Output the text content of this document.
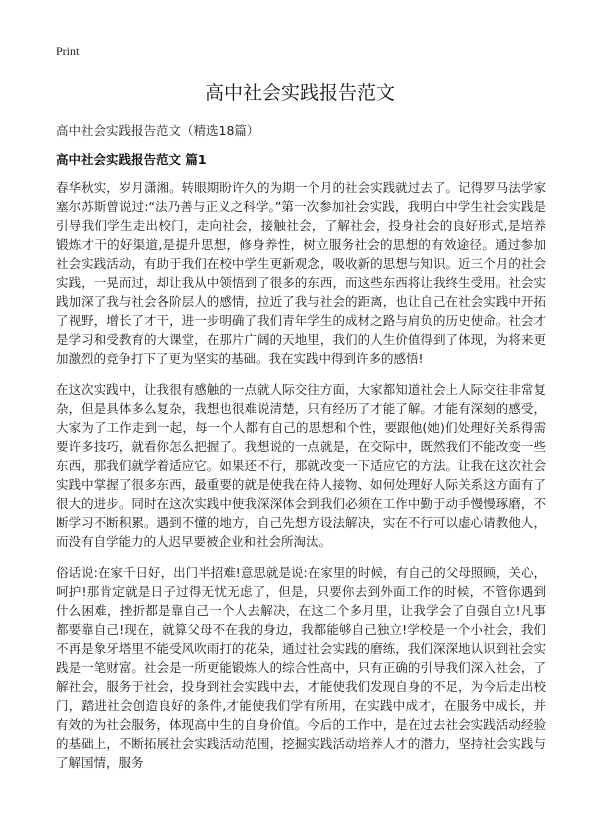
Print
高中社会实践报告范文
高中社会实践报告范文（精选18篇）
高中社会实践报告范文 篇1

春华秋实，岁月潇湘。转眼期盼许久的为期一个月的社会实践就过去了。记得罗马法学家塞尔苏斯曾说过:“法乃善与正义之科学。”第一次参加社会实践，我明白中学生社会实践是引导我们学生走出校门，走向社会，接触社会，了解社会，投身社会的良好形式,是培养锻炼才干的好渠道,是提升思想，修身养性，树立服务社会的思想的有效途径。通过参加社会实践活动，有助于我们在校中学生更新观念，吸收新的思想与知识。近三个月的社会实践，一晃而过，却让我从中领悟到了很多的东西，而这些东西将让我终生受用。社会实践加深了我与社会各阶层人的感情，拉近了我与社会的距离，也让自己在社会实践中开拓了视野，增长了才干，进一步明确了我们青年学生的成材之路与肩负的历史使命。社会才是学习和受教育的大课堂，在那片广阔的天地里，我们的人生价值得到了体现，为将来更加激烈的竞争打下了更为坚实的基础。我在实践中得到许多的感悟!

在这次实践中，让我很有感触的一点就人际交往方面，大家都知道社会上人际交往非常复杂，但是具体多么复杂，我想也很难说清楚，只有经历了才能了解。才能有深刻的感受，大家为了工作走到一起，每一个人都有自己的思想和个性，要跟他(她)们处理好关系得需要许多技巧，就看你怎么把握了。我想说的一点就是，在交际中，既然我们不能改变一些东西，那我们就学着适应它。如果还不行，那就改变一下适应它的方法。让我在这次社会实践中掌握了很多东西，最重要的就是使我在待人接物、如何处理好人际关系这方面有了很大的进步。同时在这次实践中使我深深体会到我们必须在工作中勤于动手慢慢琢磨，不断学习不断积累。遇到不懂的地方，自己先想方设法解决，实在不行可以虚心请教他人，而没有自学能力的人迟早要被企业和社会所淘汰。

俗话说:在家千日好，出门半招难!意思就是说:在家里的时候，有自己的父母照顾，关心，呵护!那肯定就是日子过得无忧无虑了，但是，只要你去到外面工作的时候，不管你遇到什么困难，挫折都是靠自己一个人去解决，在这二个多月里，让我学会了自强自立!凡事都要靠自己!现在，就算父母不在我的身边，我都能够自己独立!学校是一个小社会，我们不再是象牙塔里不能受风吹雨打的花朵，通过社会实践的磨练，我们深深地认识到社会实践是一笔财富。社会是一所更能锻炼人的综合性高中，只有正确的引导我们深入社会，了解社会，服务于社会，投身到社会实践中去，才能使我们发现自身的不足，为今后走出校门，踏进社会创造良好的条件,才能使我们学有所用，在实践中成才，在服务中成长，并有效的为社会服务，体现高中生的自身价值。今后的工作中，是在过去社会实践活动经验的基础上，不断拓展社会实践活动范围，挖掘实践活动培养人才的潜力，坚持社会实践与了解国情，服务
